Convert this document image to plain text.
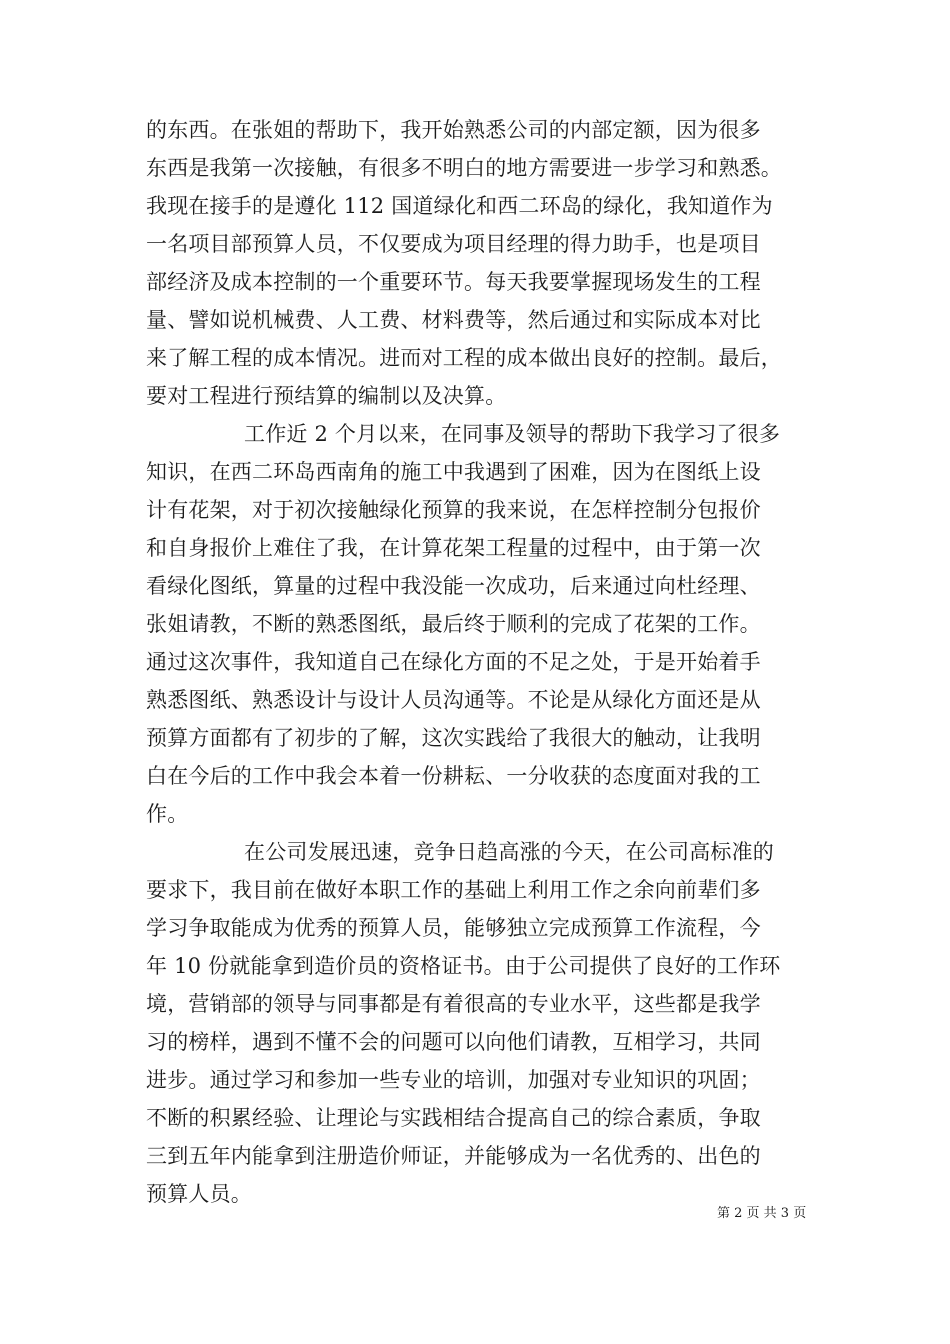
的东西。在张姐的帮助下，我开始熟悉公司的内部定额，因为很多
东西是我第一次接触，有很多不明白的地方需要进一步学习和熟悉。
我现在接手的是遵化 112 国道绿化和西二环岛的绿化，我知道作为
一名项目部预算人员，不仅要成为项目经理的得力助手，也是项目
部经济及成本控制的一个重要环节。每天我要掌握现场发生的工程
量、譬如说机械费、人工费、材料费等，然后通过和实际成本对比
来了解工程的成本情况。进而对工程的成本做出良好的控制。最后，
要对工程进行预结算的编制以及决算。
工作近 2 个月以来，在同事及领导的帮助下我学习了很多
知识，在西二环岛西南角的施工中我遇到了困难，因为在图纸上设
计有花架，对于初次接触绿化预算的我来说，在怎样控制分包报价
和自身报价上难住了我，在计算花架工程量的过程中，由于第一次
看绿化图纸，算量的过程中我没能一次成功，后来通过向杜经理、
张姐请教，不断的熟悉图纸，最后终于顺利的完成了花架的工作。
通过这次事件，我知道自己在绿化方面的不足之处，于是开始着手
熟悉图纸、熟悉设计与设计人员沟通等。不论是从绿化方面还是从
预算方面都有了初步的了解，这次实践给了我很大的触动，让我明
白在今后的工作中我会本着一份耕耘、一分收获的态度面对我的工
作。
在公司发展迅速，竞争日趋高涨的今天，在公司高标准的
要求下，我目前在做好本职工作的基础上利用工作之余向前辈们多
学习争取能成为优秀的预算人员，能够独立完成预算工作流程，今
年 10 份就能拿到造价员的资格证书。由于公司提供了良好的工作环
境，营销部的领导与同事都是有着很高的专业水平，这些都是我学
习的榜样，遇到不懂不会的问题可以向他们请教，互相学习，共同
进步。通过学习和参加一些专业的培训，加强对专业知识的巩固；
不断的积累经验、让理论与实践相结合提高自己的综合素质，争取
三到五年内能拿到注册造价师证，并能够成为一名优秀的、出色的
预算人员。
第 2 页 共 3 页
